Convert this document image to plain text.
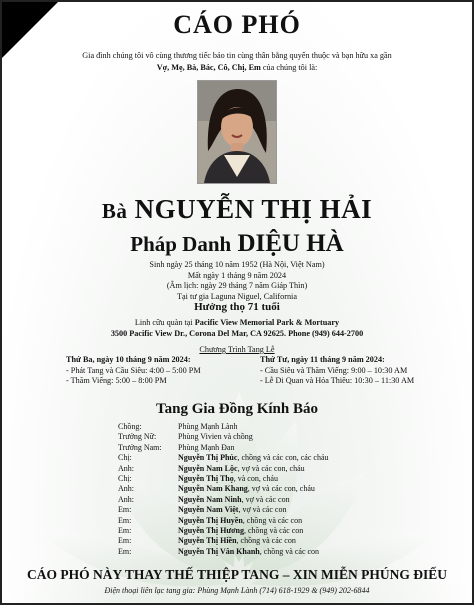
CÁO PHÓ
Gia đình chúng tôi vô cùng thương tiếc báo tin cùng thân bằng quyến thuộc và bạn hữu xa gần
Vợ, Mẹ, Bà, Bác, Cô, Chị, Em của chúng tôi là:
Bà NGUYỄN THỊ HẢI
Pháp Danh DIỆU HÀ
Sinh ngày 25 tháng 10 năm 1952 (Hà Nội, Việt Nam)
Mất ngày 1 tháng 9 năm 2024
(Âm lịch: ngày 29 tháng 7 năm Giáp Thìn)
Tại tư gia Laguna Niguel, California
Hưởng thọ 71 tuổi
Linh cữu quàn tại Pacific View Memorial Park & Mortuary
3500 Pacific View Dr., Corona Del Mar, CA 92625. Phone (949) 644-2700
Chương Trình Tang Lễ
Thứ Ba, ngày 10 tháng 9 năm 2024:
- Phát Tang và Cầu Siêu: 4:00 – 5:00 PM
- Thăm Viếng: 5:00 – 8:00 PM
Thứ Tư, ngày 11 tháng 9 năm 2024:
- Cầu Siêu và Thăm Viếng: 9:00 – 10:30 AM
- Lễ Di Quan và Hỏa Thiêu: 10:30 – 11:30 AM
Tang Gia Đồng Kính Báo
Chồng:	Phùng Mạnh Lành
Trưởng Nữ:	Phùng Vivien và chồng
Trưởng Nam: Phùng Mạnh Đan
Chị:	Nguyễn Thị Phúc, chồng và các con, các cháu
Anh:	Nguyễn Nam Lộc, vợ và các con, cháu
Chị:	Nguyễn Thị Thọ, và con, cháu
Anh:	Nguyễn Nam Khang, vợ và các con, cháu
Anh:	Nguyễn Nam Ninh, vợ và các con
Em:	Nguyễn Nam Việt, vợ và các con
Em:	Nguyễn Thị Huyền, chồng và các con
Em:	Nguyễn Thị Hương, chồng và các con
Em:	Nguyễn Thị Hiền, chồng và các con
Em:	Nguyễn Thị Vân Khanh, chồng và các con
CÁO PHÓ NÀY THAY THẾ THIỆP TANG – XIN MIỄN PHÚNG ĐIẾU
Điện thoại liên lạc tang gia: Phùng Mạnh Lành (714) 618-1929 & (949) 202-6844
